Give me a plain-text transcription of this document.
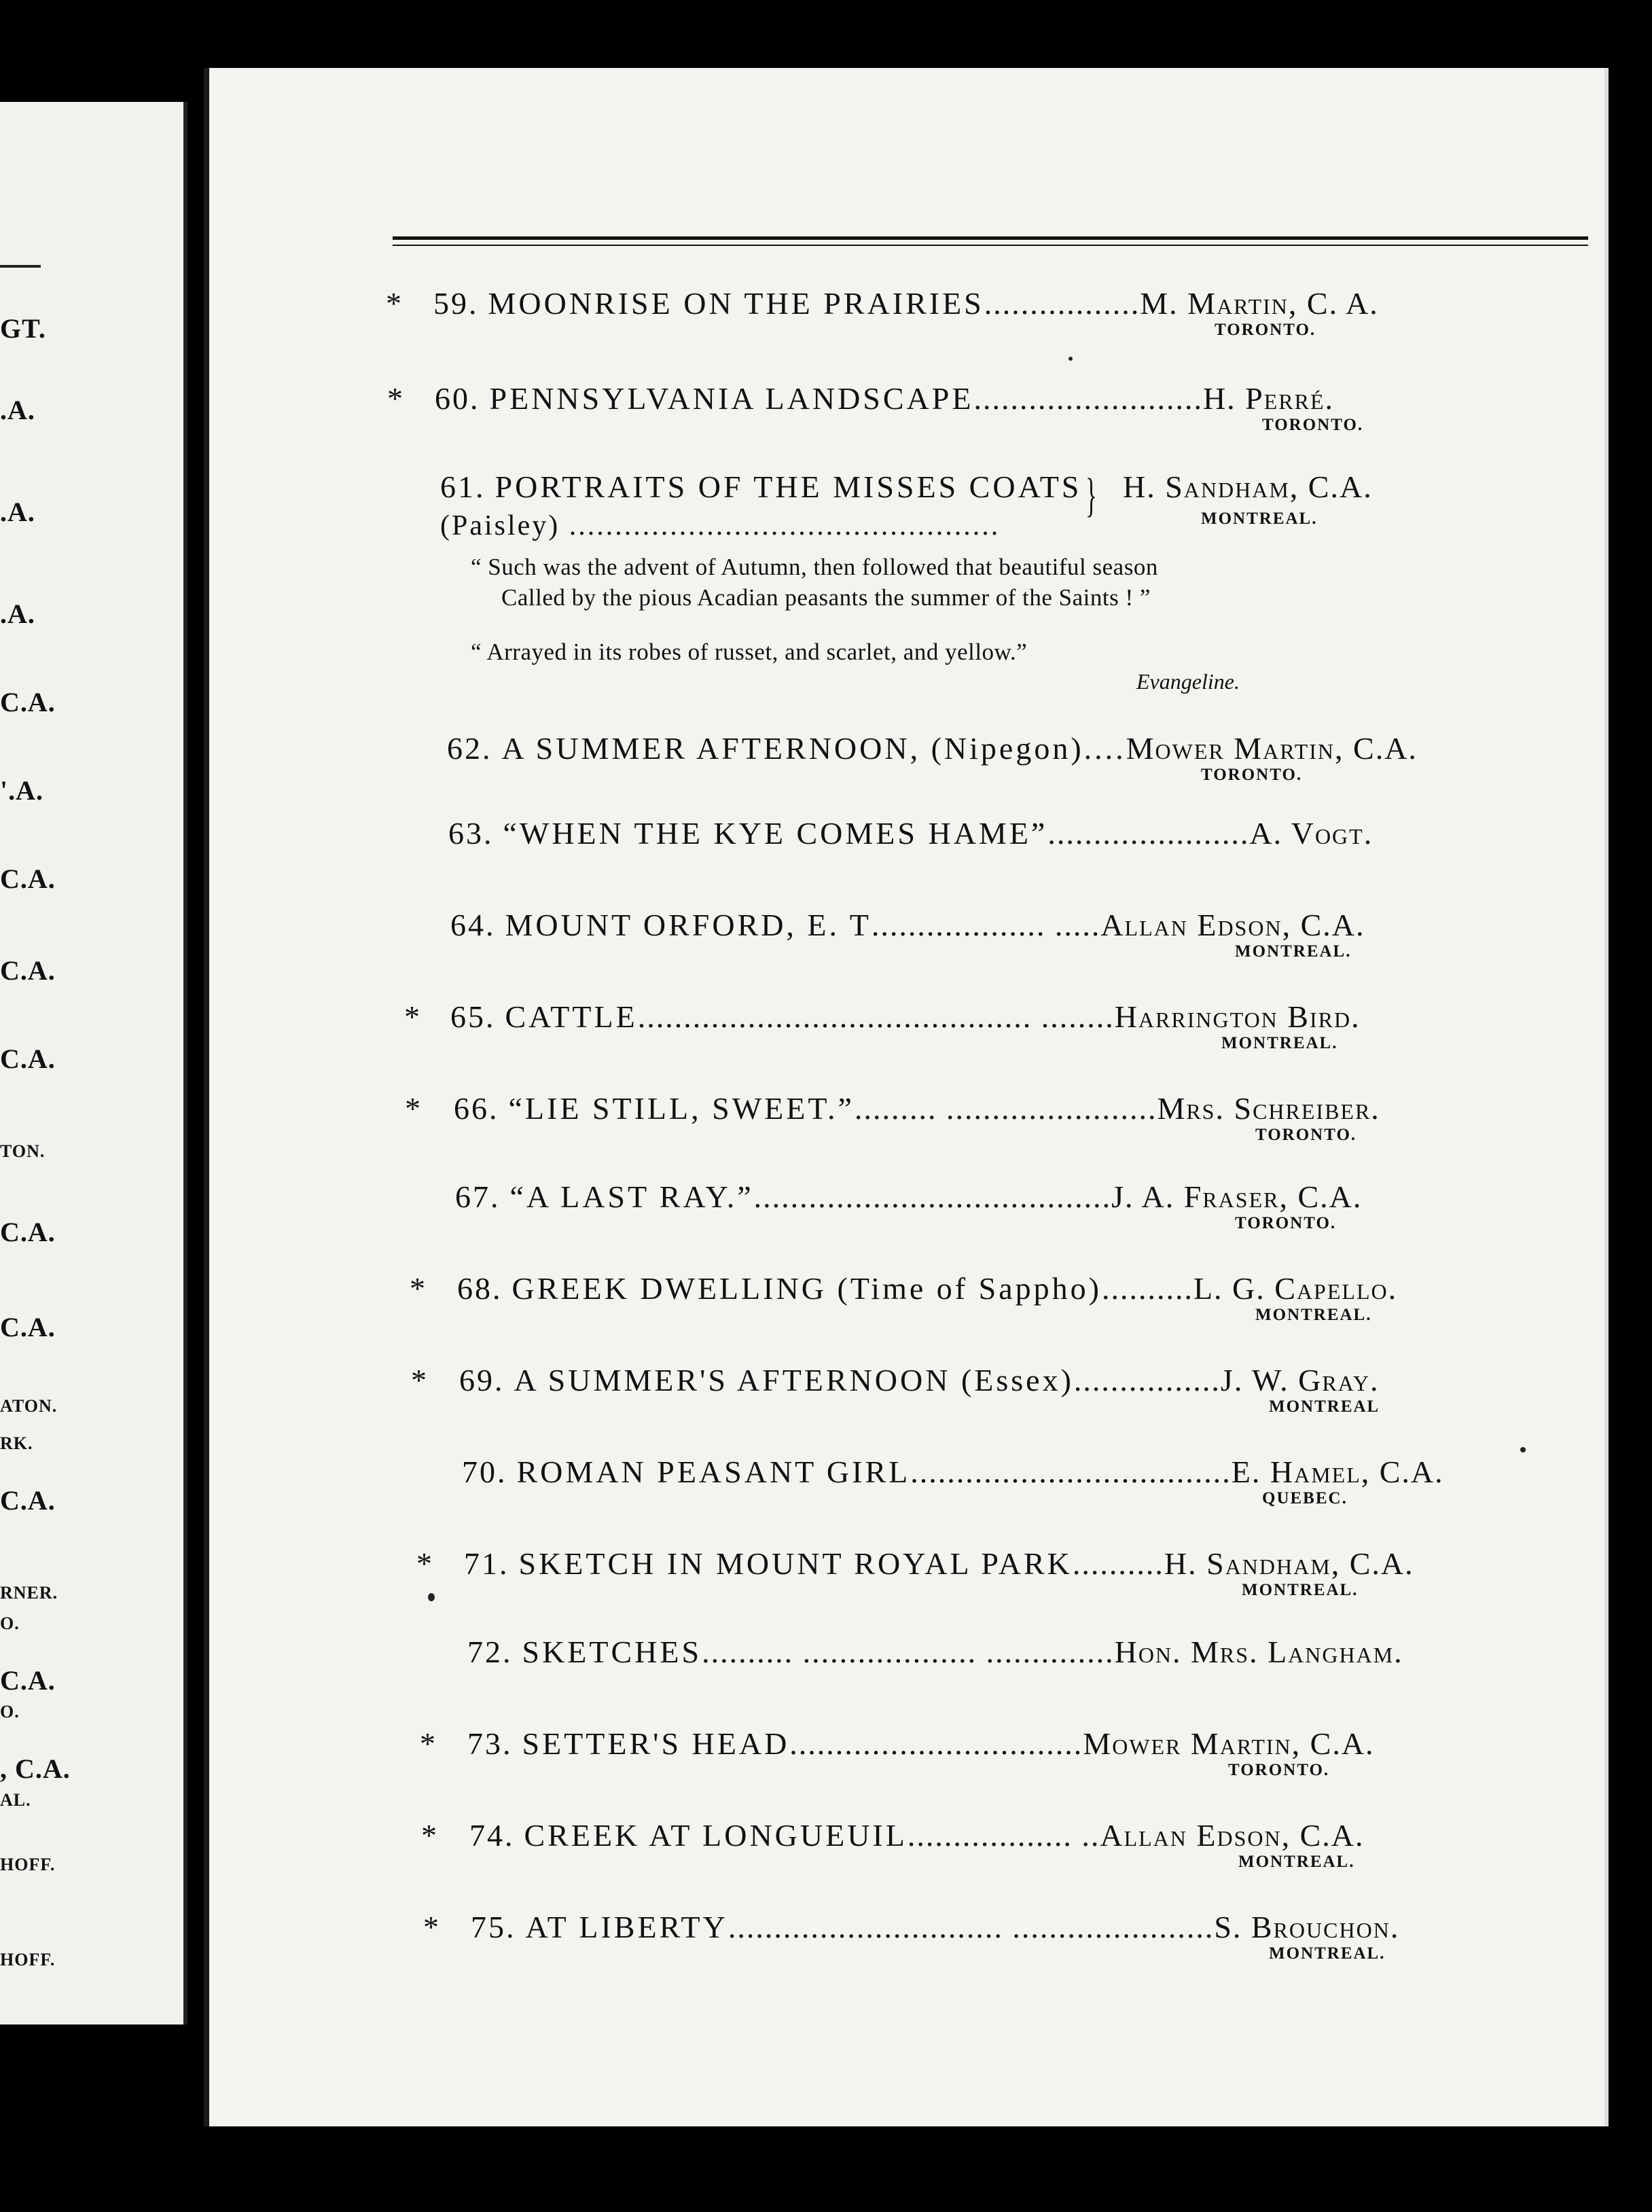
GT.
.A.
.A.
.A.
C.A.
'.A.
C.A.
C.A.
C.A.
TON.
C.A.
C.A.
ATON.
RK.
C.A.
RNER.
O.
C.A.
O.
, C.A.
AL.
HOFF.
HOFF.
* 59. MOONRISE ON THE PRAIRIES.................M. Martin, C. A.
TORONTO.
* 60. PENNSYLVANIA LANDSCAPE.........................H. Perré.
TORONTO.
61. PORTRAITS OF THE MISSES COATS
(Paisley) ...............................................
} H. Sandham, C.A.
MONTREAL.
“ Such was the advent of Autumn, then followed that beautiful season
Called by the pious Acadian peasants the summer of the Saints ! ”
“ Arrayed in its robes of russet, and scarlet, and yellow.”
Evangeline.
62. A SUMMER AFTERNOON, (Nipegon)....Mower Martin, C.A.
TORONTO.
63. “WHEN THE KYE COMES HAME”......................A. Vogt.
64. MOUNT ORFORD, E. T................... .....Allan Edson, C.A.
MONTREAL.
* 65. CATTLE........................................... ........Harrington Bird.
MONTREAL.
* 66. “LIE STILL, SWEET.”......... .......................Mrs. Schreiber.
TORONTO.
67. “A LAST RAY.”.......................................J. A. Fraser, C.A.
TORONTO.
* 68. GREEK DWELLING (Time of Sappho)..........L. G. Capello.
MONTREAL.
* 69. A SUMMER'S AFTERNOON (Essex)................J. W. Gray.
MONTREAL
70. ROMAN PEASANT GIRL...................................E. Hamel, C.A.
QUEBEC.
* 71. SKETCH IN MOUNT ROYAL PARK..........H. Sandham, C.A.
MONTREAL.
72. SKETCHES.......... ................... ..............Hon. Mrs. Langham.
* 73. SETTER'S HEAD................................Mower Martin, C.A.
TORONTO.
* 74. CREEK AT LONGUEUIL.................. ..Allan Edson, C.A.
MONTREAL.
* 75. AT LIBERTY.............................. ......................S. Brouchon.
MONTREAL.
